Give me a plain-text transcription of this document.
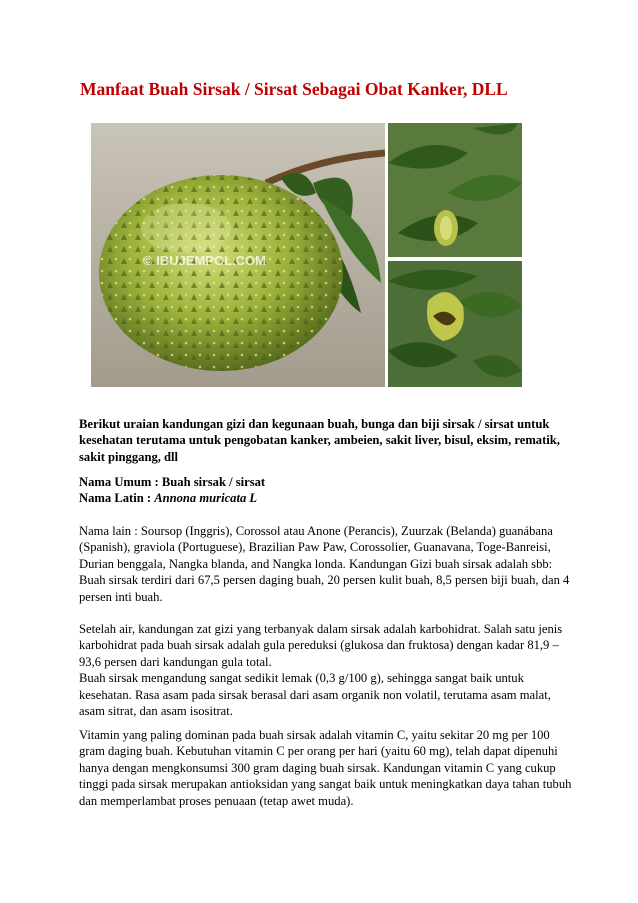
Manfaat Buah Sirsak / Sirsat Sebagai Obat Kanker, DLL
© IBUJEMPOL.COM
Berikut uraian kandungan gizi dan kegunaan buah, bunga dan biji sirsak / sirsat untuk kesehatan terutama untuk pengobatan kanker, ambeien, sakit liver, bisul, eksim, rematik, sakit pinggang, dll

Nama Umum : Buah sirsak / sirsat

Nama Latin : Annona muricata L

Nama lain : Soursop (Inggris), Corossol atau Anone (Perancis), Zuurzak (Belanda) guanábana (Spanish), graviola (Portuguese), Brazilian Paw Paw, Corossolier, Guanavana, Toge-Banreisi, Durian benggala, Nangka blanda, and Nangka londa. Kandungan Gizi buah sirsak adalah sbb:

Buah sirsak terdiri dari 67,5 persen daging buah, 20 persen kulit buah, 8,5 persen biji buah, dan 4 persen inti buah.

Setelah air, kandungan zat gizi yang terbanyak dalam sirsak adalah karbohidrat. Salah satu jenis karbohidrat pada buah sirsak adalah gula pereduksi (glukosa dan fruktosa) dengan kadar 81,9 – 93,6 persen dari kandungan gula total.

Buah sirsak mengandung sangat sedikit lemak (0,3 g/100 g), sehingga sangat baik untuk kesehatan. Rasa asam pada sirsak berasal dari asam organik non volatil, terutama asam malat, asam sitrat, dan asam isositrat.

Vitamin yang paling dominan pada buah sirsak adalah vitamin C, yaitu sekitar 20 mg per 100 gram daging buah. Kebutuhan vitamin C per orang per hari (yaitu 60 mg), telah dapat dipenuhi hanya dengan mengkonsumsi 300 gram daging buah sirsak. Kandungan vitamin C yang cukup tinggi pada sirsak merupakan antioksidan yang sangat baik untuk meningkatkan daya tahan tubuh dan memperlambat proses penuaan (tetap awet muda).
